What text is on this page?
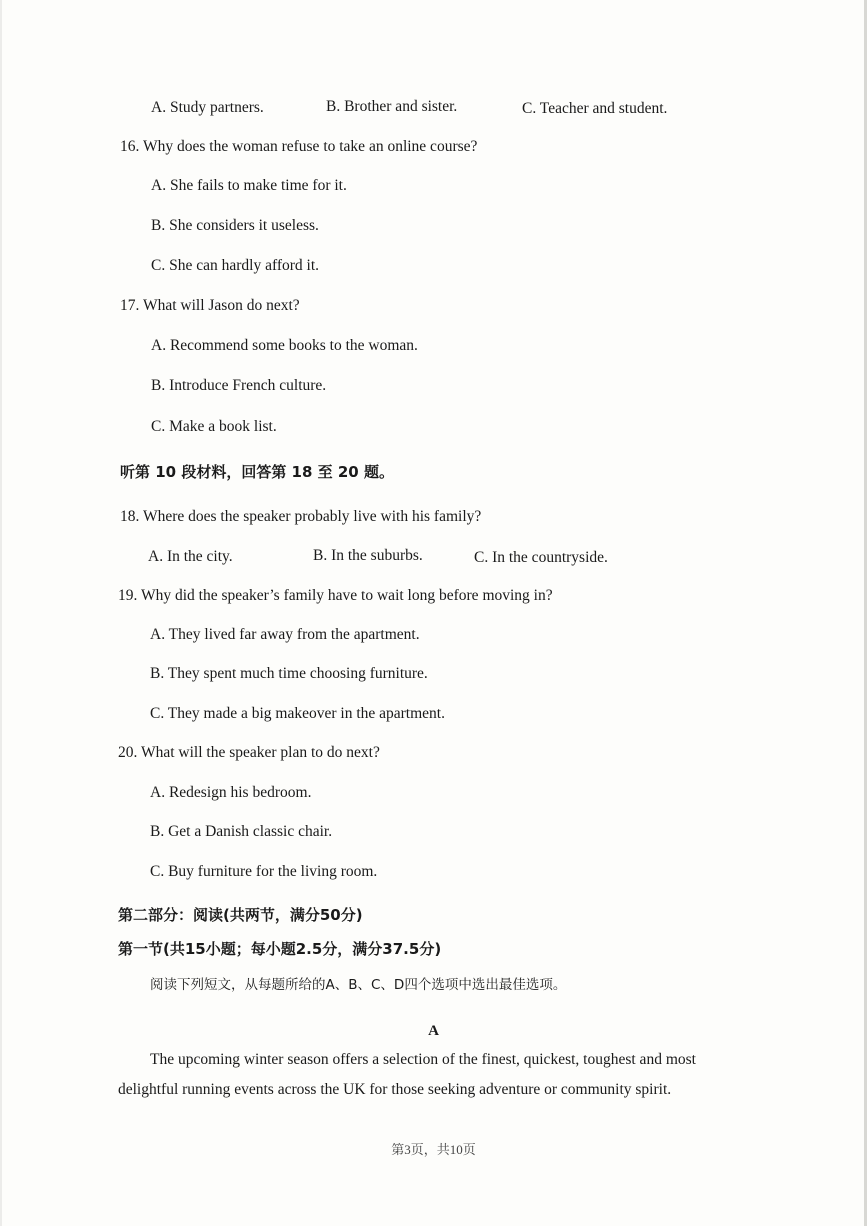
A. Study partners.	B. Brother and sister.	C. Teacher and student.
16. Why does the woman refuse to take an online course?
A. She fails to make time for it.
B. She considers it useless.
C. She can hardly afford it.
17. What will Jason do next?
A. Recommend some books to the woman.
B. Introduce French culture.
C. Make a book list.
听第 10 段材料，回答第 18 至 20 题。
18. Where does the speaker probably live with his family?
A. In the city.	B. In the suburbs.	C. In the countryside.
19. Why did the speaker’s family have to wait long before moving in?
A. They lived far away from the apartment.
B. They spent much time choosing furniture.
C. They made a big makeover in the apartment.
20. What will the speaker plan to do next?
A. Redesign his bedroom.
B. Get a Danish classic chair.
C. Buy furniture for the living room.
第二部分：阅读(共两节，满分50分)
第一节(共15小题；每小题2.5分，满分37.5分)
阅读下列短文，从每题所给的A、B、C、D四个选项中选出最佳选项。
A
The upcoming winter season offers a selection of the finest, quickest, toughest and most
delightful running events across the UK for those seeking adventure or community spirit.
第3页，共10页
